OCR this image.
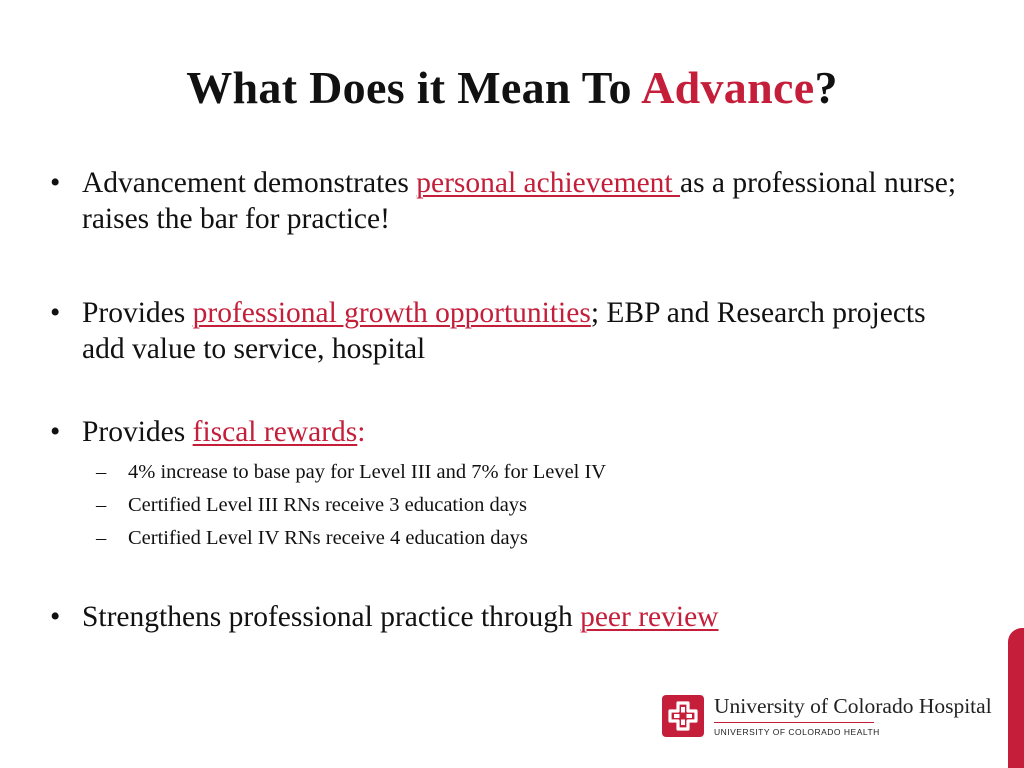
What Does it Mean To Advance?
• Advancement demonstrates personal achievement as a professional nurse; raises the bar for practice!
• Provides professional growth opportunities; EBP and Research projects add value to service, hospital
• Provides fiscal rewards:
– 4% increase to base pay for Level III and 7% for Level IV
– Certified Level III RNs receive 3 education days
– Certified Level IV RNs receive 4 education days
• Strengthens professional practice through peer review
University of Colorado Hospital
UNIVERSITY OF COLORADO HEALTH
